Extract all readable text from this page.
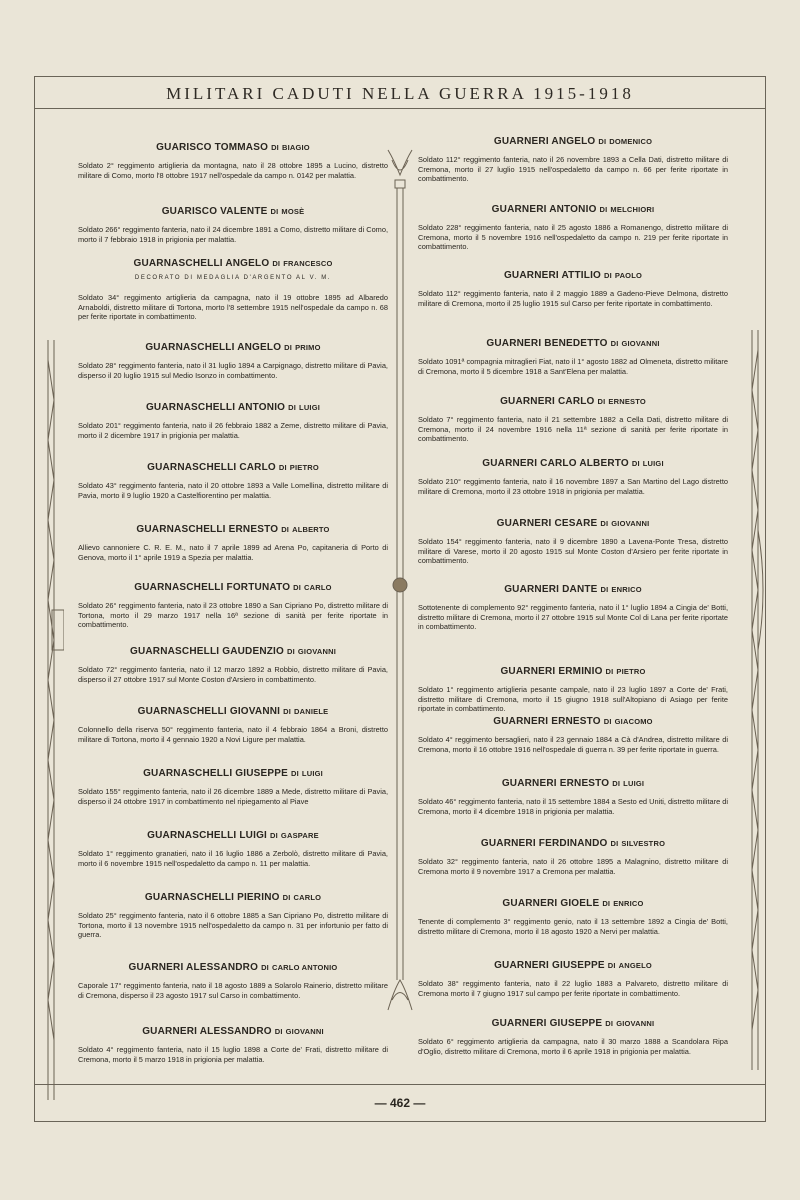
MILITARI CADUTI NELLA GUERRA 1915-1918
GUARISCO TOMMASO DI BIAGIO
Soldato 2° reggimento artiglieria da montagna, nato il 28 ottobre 1895 a Lucino, distretto militare di Como, morto l'8 ottobre 1917 nell'ospedale da campo n. 0142 per malattia.
GUARISCO VALENTE DI MOSÈ
Soldato 266° reggimento fanteria, nato il 24 dicembre 1891 a Como, distretto militare di Como, morto il 7 febbraio 1918 in prigionia per malattia.
GUARNASCHELLI ANGELO DI FRANCESCO
DECORATO DI MEDAGLIA D'ARGENTO AL V. M.
Soldato 34° reggimento artiglieria da campagna, nato il 19 ottobre 1895 ad Albaredo Arnaboldi, distretto militare di Tortona, morto l'8 settembre 1915 nell'ospedale da campo n. 68 per ferite riportate in combattimento.
GUARNASCHELLI ANGELO DI PRIMO
Soldato 28° reggimento fanteria, nato il 31 luglio 1894 a Carpignago, distretto militare di Pavia, disperso il 20 luglio 1915 sul Medio Isonzo in combattimento.
GUARNASCHELLI ANTONIO DI LUIGI
Soldato 201° reggimento fanteria, nato il 26 febbraio 1882 a Zeme, distretto militare di Pavia, morto il 2 dicembre 1917 in prigionia per malattia.
GUARNASCHELLI CARLO DI PIETRO
Soldato 43° reggimento fanteria, nato il 20 ottobre 1893 a Valle Lomellina, distretto militare di Pavia, morto il 9 luglio 1920 a Castelfiorentino per malattia.
GUARNASCHELLI ERNESTO DI ALBERTO
Allievo cannoniere C. R. E. M., nato il 7 aprile 1899 ad Arena Po, capitaneria di Porto di Genova, morto il 1° aprile 1919 a Spezia per malattia.
GUARNASCHELLI FORTUNATO DI CARLO
Soldato 26° reggimento fanteria, nato il 23 ottobre 1890 a San Cipriano Po, distretto militare di Tortona, morto il 29 marzo 1917 nella 16ª sezione di sanità per ferite riportate in combattimento.
GUARNASCHELLI GAUDENZIO DI GIOVANNI
Soldato 72° reggimento fanteria, nato il 12 marzo 1892 a Robbio, distretto militare di Pavia, disperso il 27 ottobre 1917 sul Monte Coston d'Arsiero in combattimento.
GUARNASCHELLI GIOVANNI DI DANIELE
Colonnello della riserva 50° reggimento fanteria, nato il 4 febbraio 1864 a Broni, distretto militare di Tortona, morto il 4 gennaio 1920 a Novi Ligure per malattia.
GUARNASCHELLI GIUSEPPE DI LUIGI
Soldato 155° reggimento fanteria, nato il 26 dicembre 1889 a Mede, distretto militare di Pavia, disperso il 24 ottobre 1917 in combattimento nel ripiegamento al Piave
GUARNASCHELLI LUIGI DI GASPARE
Soldato 1° reggimento granatieri, nato il 16 luglio 1886 a Zerbolò, distretto militare di Pavia, morto il 6 novembre 1915 nell'ospedaletto da campo n. 11 per malattia.
GUARNASCHELLI PIERINO DI CARLO
Soldato 25° reggimento fanteria, nato il 6 ottobre 1885 a San Cipriano Po, distretto militare di Tortona, morto il 13 novembre 1915 nell'ospedaletto da campo n. 31 per infortunio per fatto di guerra.
GUARNERI ALESSANDRO DI CARLO ANTONIO
Caporale 17° reggimento fanteria, nato il 18 agosto 1889 a Solarolo Rainerio, distretto militare di Cremona, disperso il 23 agosto 1917 sul Carso in combattimento.
GUARNERI ALESSANDRO DI GIOVANNI
Soldato 4° reggimento fanteria, nato il 15 luglio 1898 a Corte de' Frati, distretto militare di Cremona, morto il 5 marzo 1918 in prigionia per malattia.
GUARNERI ANGELO DI DOMENICO
Soldato 112° reggimento fanteria, nato il 26 novembre 1893 a Cella Dati, distretto militare di Cremona, morto il 27 luglio 1915 nell'ospedaletto da campo n. 66 per ferite riportate in combattimento.
GUARNERI ANTONIO DI MELCHIORI
Soldato 228° reggimento fanteria, nato il 25 agosto 1886 a Romanengo, distretto militare di Cremona, morto il 5 novembre 1916 nell'ospedaletto da campo n. 219 per ferite riportate in combattimento.
GUARNERI ATTILIO DI PAOLO
Soldato 112° reggimento fanteria, nato il 2 maggio 1889 a Gadeno-Pieve Delmona, distretto militare di Cremona, morto il 25 luglio 1915 sul Carso per ferite riportate in combattimento.
GUARNERI BENEDETTO DI GIOVANNI
Soldato 1091ª compagnia mitraglieri Fiat, nato il 1° agosto 1882 ad Olmeneta, distretto militare di Cremona, morto il 5 dicembre 1918 a Sant'Elena per malattia.
GUARNERI CARLO DI ERNESTO
Soldato 7° reggimento fanteria, nato il 21 settembre 1882 a Cella Dati, distretto militare di Cremona, morto il 24 novembre 1916 nella 11ª sezione di sanità per ferite riportate in combattimento.
GUARNERI CARLO ALBERTO DI LUIGI
Soldato 210° reggimento fanteria, nato il 16 novembre 1897 a San Martino del Lago distretto militare di Cremona, morto il 23 ottobre 1918 in prigionia per malattia.
GUARNERI CESARE DI GIOVANNI
Soldato 154° reggimento fanteria, nato il 9 dicembre 1890 a Lavena-Ponte Tresa, distretto militare di Varese, morto il 20 agosto 1915 sul Monte Coston d'Arsiero per ferite riportate in combattimento.
GUARNERI DANTE DI ENRICO
Sottotenente di complemento 92° reggimento fanteria, nato il 1° luglio 1894 a Cingia de' Botti, distretto militare di Cremona, morto il 27 ottobre 1915 sul Monte Col di Lana per ferite riportate in combattimento.
GUARNERI ERMINIO DI PIETRO
Soldato 1° reggimento artiglieria pesante campale, nato il 23 luglio 1897 a Corte de' Frati, distretto militare di Cremona, morto il 15 giugno 1918 sull'Altopiano di Asiago per ferite riportate in combattimento.
GUARNERI ERNESTO DI GIACOMO
Soldato 4° reggimento bersaglieri, nato il 23 gennaio 1884 a Cà d'Andrea, distretto militare di Cremona, morto il 16 ottobre 1916 nell'ospedale di guerra n. 39 per ferite riportate in guerra.
GUARNERI ERNESTO DI LUIGI
Soldato 46° reggimento fanteria, nato il 15 settembre 1884 a Sesto ed Uniti, distretto militare di Cremona, morto il 4 dicembre 1918 in prigionia per malattia.
GUARNERI FERDINANDO DI SILVESTRO
Soldato 32° reggimento fanteria, nato il 26 ottobre 1895 a Malagnino, distretto militare di Cremona morto il 9 novembre 1917 a Cremona per malattia.
GUARNERI GIOELE DI ENRICO
Tenente di complemento 3° reggimento genio, nato il 13 settembre 1892 a Cingia de' Botti, distretto militare di Cremona, morto il 18 agosto 1920 a Nervi per malattia.
GUARNERI GIUSEPPE DI ANGELO
Soldato 38° reggimento fanteria, nato il 22 luglio 1883 a Palvareto, distretto militare di Cremona morto il 7 giugno 1917 sul campo per ferite riportate in combattimento.
GUARNERI GIUSEPPE DI GIOVANNI
Soldato 6° reggimento artiglieria da campagna, nato il 30 marzo 1888 a Scandolara Ripa d'Oglio, distretto militare di Cremona, morto il 6 aprile 1918 in prigionia per malattia.
— 462 —
